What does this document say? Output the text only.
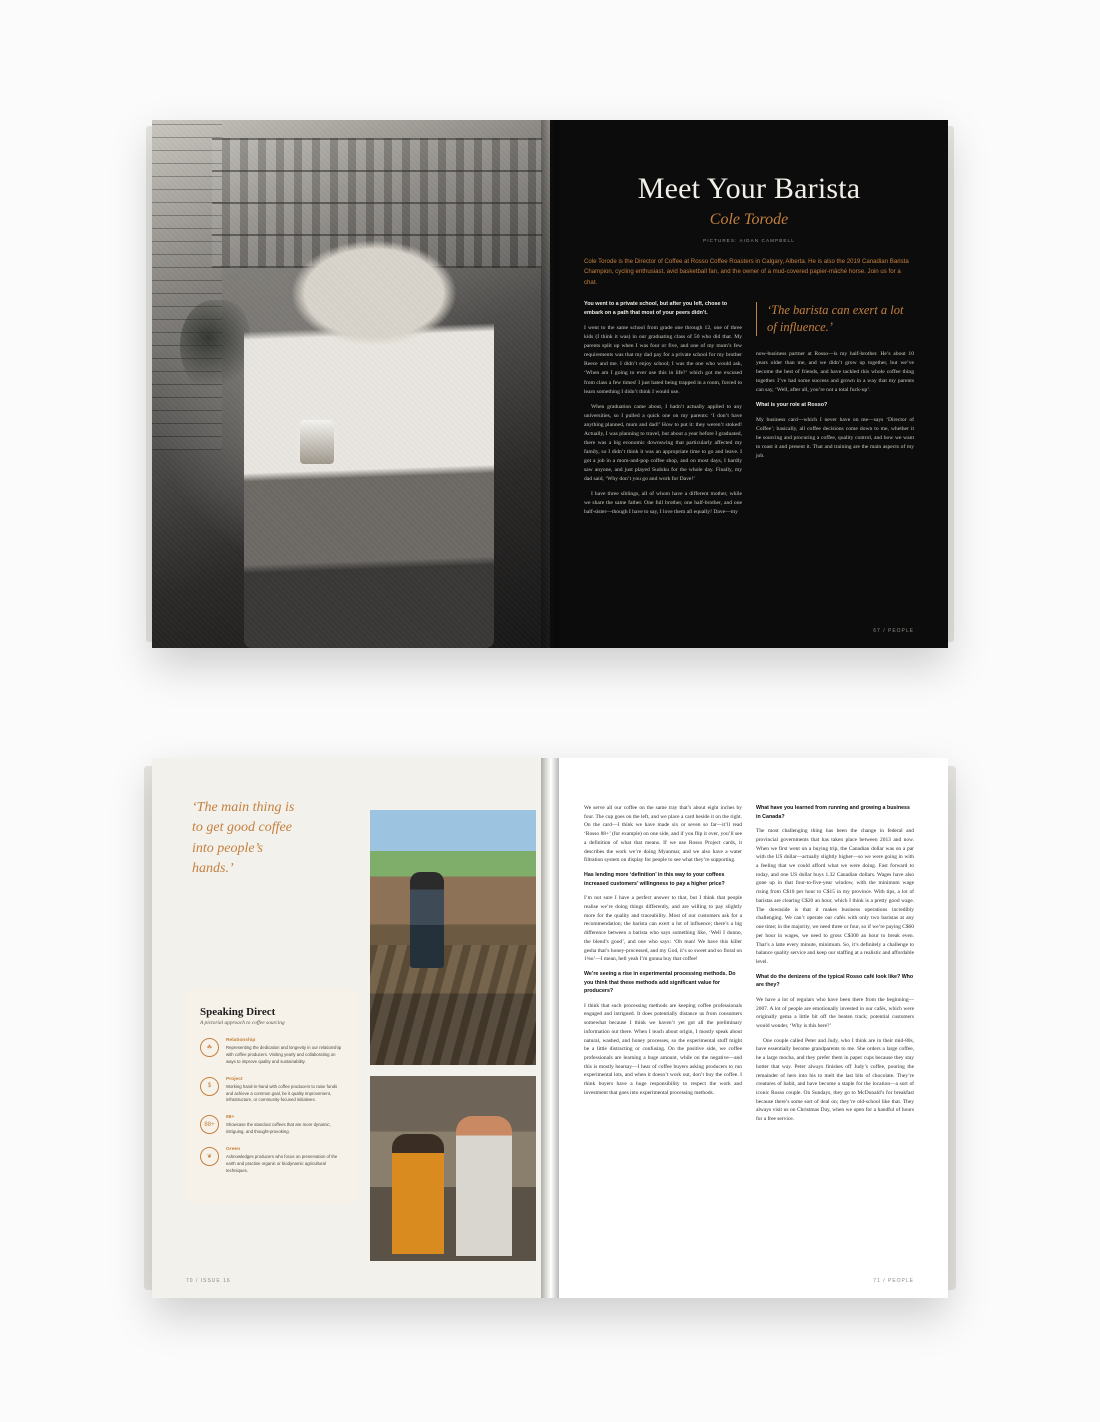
Meet Your Barista
Cole Torode
PICTURES: AIDAN CAMPBELL
Cole Torode is the Director of Coffee at Rosso Coffee Roasters in Calgary, Alberta. He is also the 2019 Canadian Barista Champion, cycling enthusiast, avid basketball fan, and the owner of a mud-covered papier-mâché horse. Join us for a chat.
You went to a private school, but after you left, chose to embark on a path that most of your peers didn’t.
I went to the same school from grade one through 12, one of three kids (I think it was) in our graduating class of 50 who did that. My parents split up when I was four or five, and one of my mum’s few requirements was that my dad pay for a private school for my brother Reece and me. I didn’t enjoy school; I was the one who would ask, ‘When am I going to ever use this in life?’ which got me excused from class a few times! I just hated being trapped in a room, forced to learn something I didn’t think I would use.
When graduation came about, I hadn’t actually applied to any universities, so I pulled a quick one on my parents: ‘I don’t have anything planned, mum and dad!’ How to put it: they weren’t stoked! Actually, I was planning to travel, but about a year before I graduated, there was a big economic downswing that particularly affected my family, so I didn’t think it was an appropriate time to go and leave. I got a job in a mom-and-pop coffee shop, and on most days, I hardly saw anyone, and just played Sudoku for the whole day. Finally, my dad said, ‘Why don’t you go and work for Dave!’
I have three siblings, all of whom have a different mother, while we share the same father. One full brother, one half-brother, and one half-sister—though I have to say, I love them all equally! Dave—my
‘The barista can exert a lot of influence.’
now-business partner at Rosso—is my half-brother. He’s about 10 years older than me, and we didn’t grow up together, but we’ve become the best of friends, and have tackled this whole coffee thing together. I’ve had some success and grown in a way that my parents can say, ‘Well, after all, you’re not a total fuck-up’.
What is your role at Rosso?
My business card—which I never have on me—says ‘Director of Coffee’; basically, all coffee decisions come down to me, whether it be sourcing and procuring a coffee, quality control, and how we want to roast it and present it. That and training are the main aspects of my job.
67 / PEOPLE
‘The main thing is to get good coffee into people’s hands.’
Speaking Direct
A pictorial approach to coffee sourcing
☘
Relationship
Representing the dedication and longevity in our relationship with coffee producers. Visiting yearly and collaborating on ways to improve quality and sustainability.
$
Project
Working hand-in-hand with coffee producers to raise funds and achieve a common goal, be it quality improvement, infrastructure, or community-focused initiatives.
88+
88+
Showcase the standout coffees that are more dynamic, intriguing, and thought-provoking.
❦
Green
Acknowledges producers who focus on preservation of the earth and practise organic or biodynamic agricultural techniques.
70 / ISSUE 16
We serve all our coffee on the same tray that’s about eight inches by four. The cup goes on the left, and we place a card beside it on the right. On the card—I think we have made six or seven so far—it’ll read ‘Rosso 88+’ (for example) on one side, and if you flip it over, you’ll see a definition of what that means. If we use Rosso Project cards, it describes the work we’re doing Myanmar, and we also have a water filtration system on display for people to see what they’re supporting.
Has lending more ‘definition’ in this way to your coffees increased customers’ willingness to pay a higher price?
I’m not sure I have a perfect answer to that, but I think that people realise we’re doing things differently, and are willing to pay slightly more for the quality and traceability. Most of our customers ask for a recommendation; the barista can exert a lot of influence; there’s a big difference between a barista who says something like, ‘Well I dunno, the blend’s good’, and one who says: ‘Oh man! We have this killer gesha that’s honey-processed, and my God, it’s so sweet and so floral on 1¾o’—I mean, hell yeah I’m gonna buy that coffee!
We’re seeing a rise in experimental processing methods. Do you think that these methods add significant value for producers?
I think that such processing methods are keeping coffee professionals engaged and intrigued. It does potentially distance us from consumers somewhat because I think we haven’t yet got all the preliminary information out there. When I teach about origin, I mostly speak about natural, washed, and honey processes, so the experimental stuff might be a little distracting or confusing. On the positive side, we coffee professionals are learning a huge amount, while on the negative—and this is mostly hearsay—I hear of coffee buyers asking producers to run experimental lots, and when it doesn’t work out, don’t buy the coffee. I think buyers have a huge responsibility to respect the work and investment that goes into experimental processing methods.
What have you learned from running and growing a business in Canada?
The most challenging thing has been the change in federal and provincial governments that has taken place between 2013 and now. When we first went on a buying trip, the Canadian dollar was on a par with the US dollar—actually slightly higher—so we were going in with a feeling that we could afford what we were doing. Fast forward to today, and one US dollar buys 1.32 Canadian dollars. Wages have also gone up in that four-to-five-year window, with the minimum wage rising from C$10 per hour to C$15 in my province. With tips, a lot of baristas are clearing C$20 an hour, which I think is a pretty good wage. The downside is that it makes business operations incredibly challenging. We can’t operate our cafés with only two baristas at any one time; in the majority, we need three or four, so if we’re paying C$60 per hour in wages, we need to gross C$300 an hour to break even. That’s a latte every minute, minimum. So, it’s definitely a challenge to balance quality service and keep our staffing at a realistic and affordable level.
What do the denizens of the typical Rosso café look like? Who are they?
We have a lot of regulars who have been there from the beginning—2007. A lot of people are emotionally invested in our cafés, which were originally gema a little bit off the beaten track; potential customers would wonder, ‘Why is this here?’
One couple called Peter and Judy, who I think are in their mid-80s, have essentially become grandparents to me. She orders a large coffee, he a large mocha, and they prefer them in paper cups because they stay hotter that way. Peter always finishes off Judy’s coffee, pouring the remainder of hers into his to melt the last bits of chocolate. They’re creatures of habit, and have become a staple for the location—a sort of iconic Rosso couple. On Sundays, they go to McDonald’s for breakfast because there’s some sort of deal on; they’re old-school like that. They always visit us on Christmas Day, when we open for a handful of hours for a free service.
71 / PEOPLE
